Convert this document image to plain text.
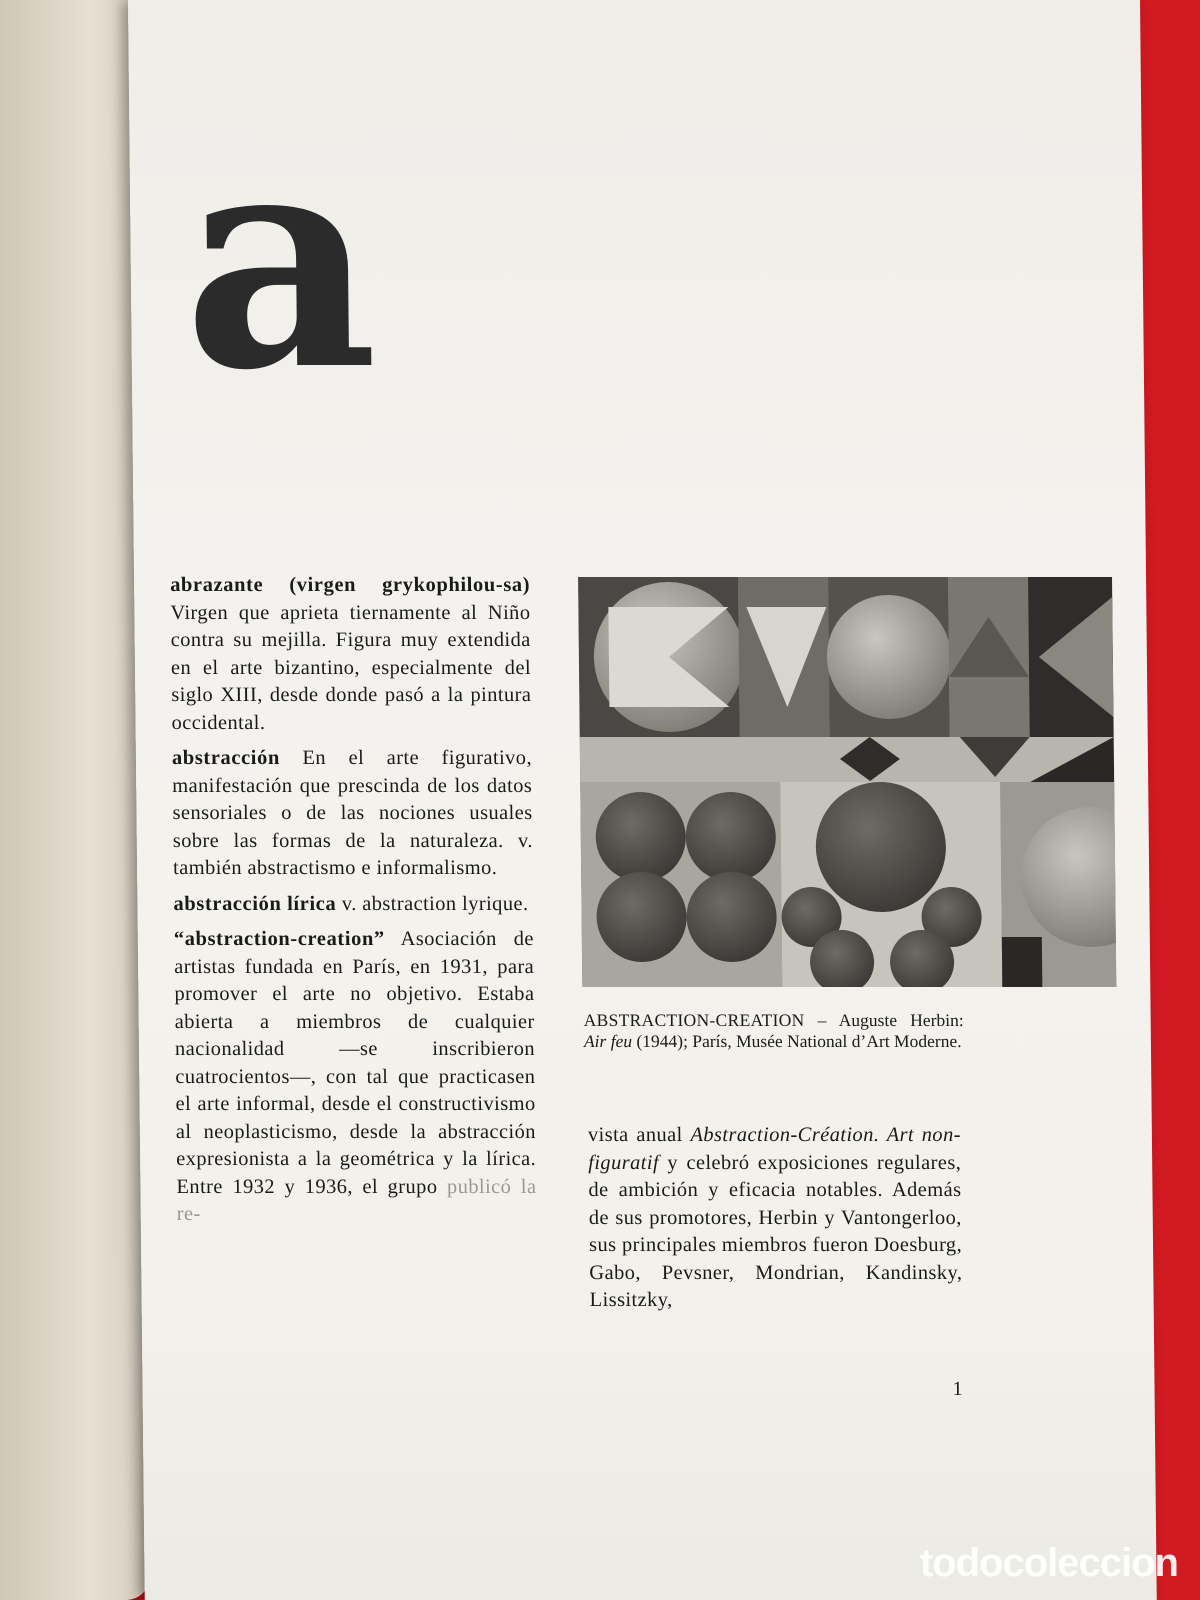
a

abrazante (virgen grykophilou-sa) Virgen que aprieta tiernamente al Niño contra su mejilla. Figura muy extendida en el arte bizantino, especialmente del siglo XIII, desde donde pasó a la pintura occidental.

abstracción En el arte figurativo, manifestación que prescinda de los datos sensoriales o de las nociones usuales sobre las formas de la naturaleza. v. también abstractismo e informalismo.

abstracción lírica v. abstraction lyrique.

“abstraction-creation” Asociación de artistas fundada en París, en 1931, para promover el arte no objetivo. Estaba abierta a miembros de cualquier nacionalidad —se inscribieron cuatrocientos—, con tal que practicasen el arte informal, desde el constructivismo al neoplasticismo, desde la abstracción expresionista a la geométrica y la lírica. Entre 1932 y 1936, el grupo publicó la re-

ABSTRACTION-CREATION – Auguste Herbin: Air feu (1944); París, Musée National d’Art Moderne.
vista anual Abstraction-Création. Art non-figuratif y celebró exposiciones regulares, de ambición y eficacia notables. Además de sus promotores, Herbin y Vantongerloo, sus principales miembros fueron Doesburg, Gabo, Pevsner, Mondrian, Kandinsky, Lissitzky,
1
todocoleccion
